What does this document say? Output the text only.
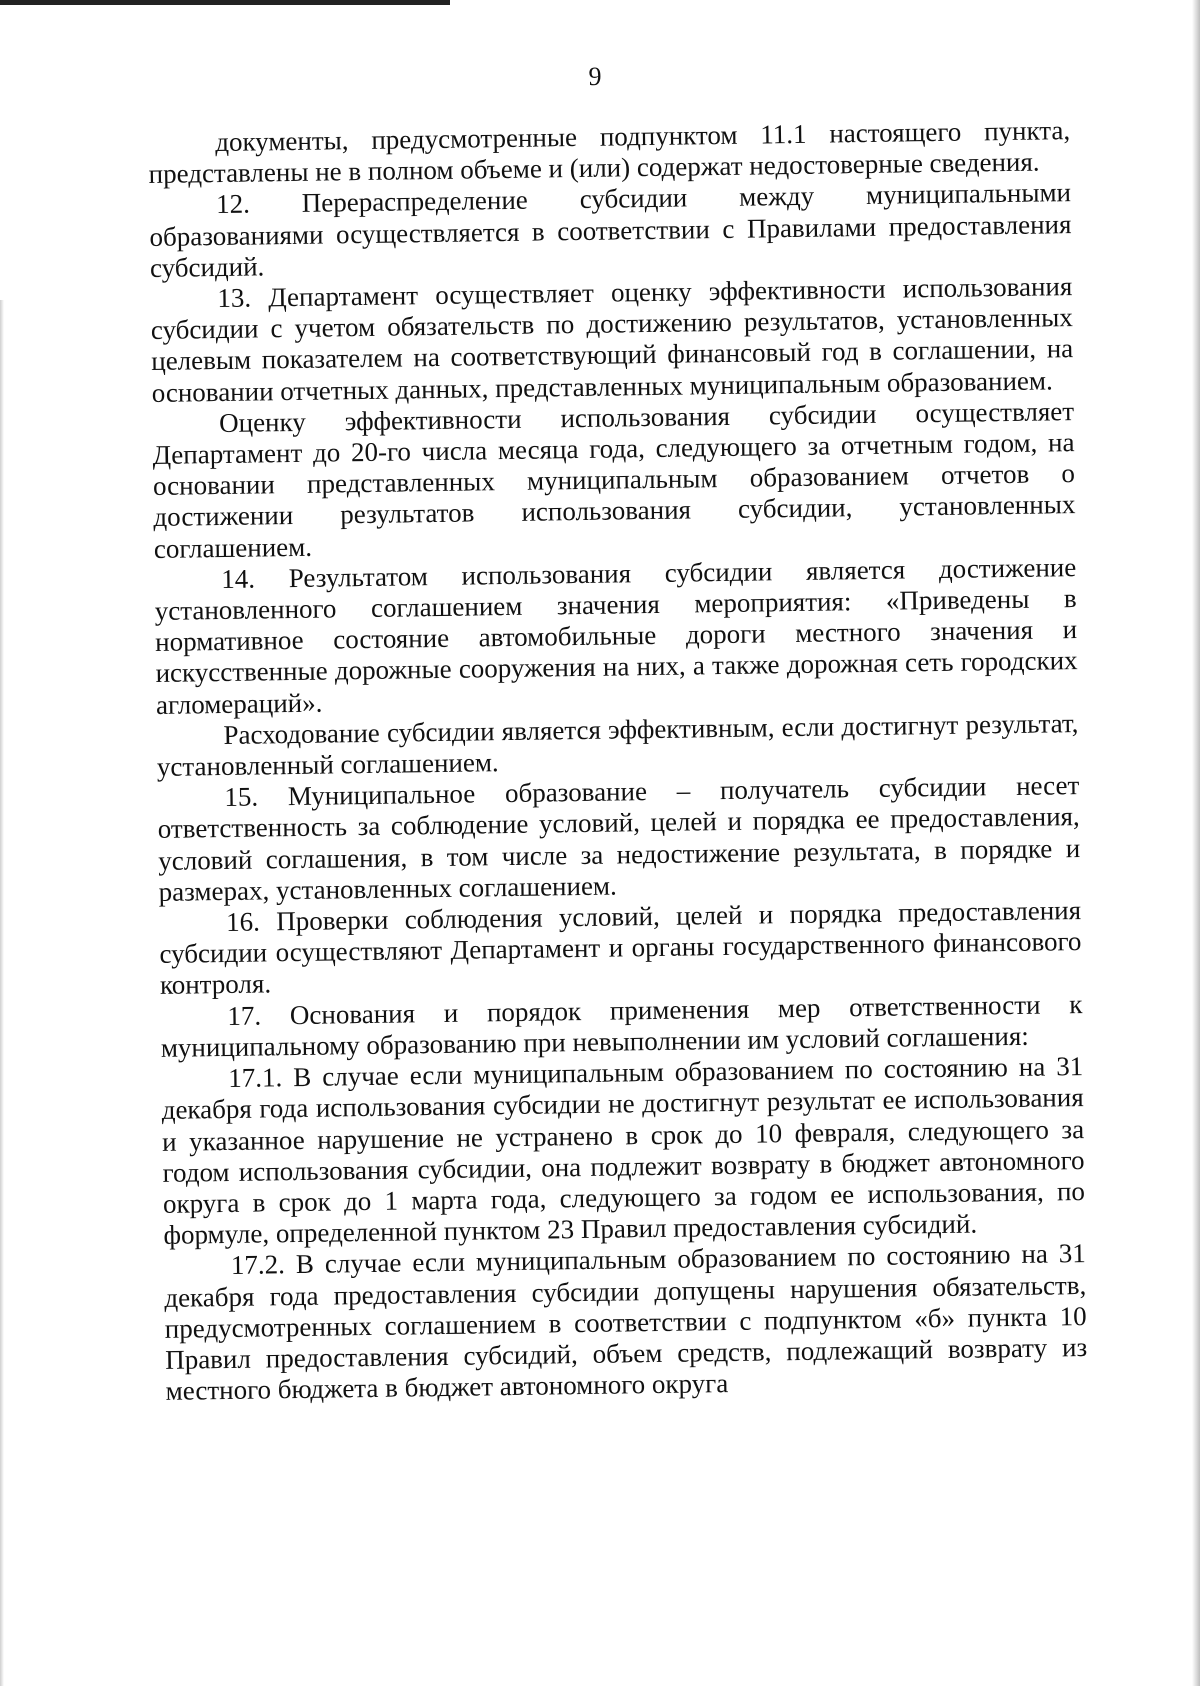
9

документы, предусмотренные подпунктом 11.1 настоящего пункта, представлены не в полном объеме и (или) содержат недостоверные сведения.

12. Перераспределение субсидии между муниципальными образованиями осуществляется в соответствии с Правилами предоставления субсидий.

13. Департамент осуществляет оценку эффективности использования субсидии с учетом обязательств по достижению результатов, установленных целевым показателем на соответствующий финансовый год в соглашении, на основании отчетных данных, представленных муниципальным образованием.

Оценку эффективности использования субсидии осуществляет Департамент до 20-го числа месяца года, следующего за отчетным годом, на основании представленных муниципальным образованием отчетов о достижении результатов использования субсидии, установленных соглашением.

14. Результатом использования субсидии является достижение установленного соглашением значения мероприятия: «Приведены в нормативное состояние автомобильные дороги местного значения и искусственные дорожные сооружения на них, а также дорожная сеть городских агломераций».

Расходование субсидии является эффективным, если достигнут результат, установленный соглашением.

15. Муниципальное образование – получатель субсидии несет ответственность за соблюдение условий, целей и порядка ее предоставления, условий соглашения, в том числе за недостижение результата, в порядке и размерах, установленных соглашением.

16. Проверки соблюдения условий, целей и порядка предоставления субсидии осуществляют Департамент и органы государственного финансового контроля.

17. Основания и порядок применения мер ответственности к муниципальному образованию при невыполнении им условий соглашения:

17.1. В случае если муниципальным образованием по состоянию на 31 декабря года использования субсидии не достигнут результат ее использования и указанное нарушение не устранено в срок до 10 февраля, следующего за годом использования субсидии, она подлежит возврату в бюджет автономного округа в срок до 1 марта года, следующего за годом ее использования, по формуле, определенной пунктом 23 Правил предоставления субсидий.

17.2. В случае если муниципальным образованием по состоянию на 31 декабря года предоставления субсидии допущены нарушения обязательств, предусмотренных соглашением в соответствии с подпунктом «б» пункта 10 Правил предоставления субсидий, объем средств, подлежащий возврату из местного бюджета в бюджет автономного округа
